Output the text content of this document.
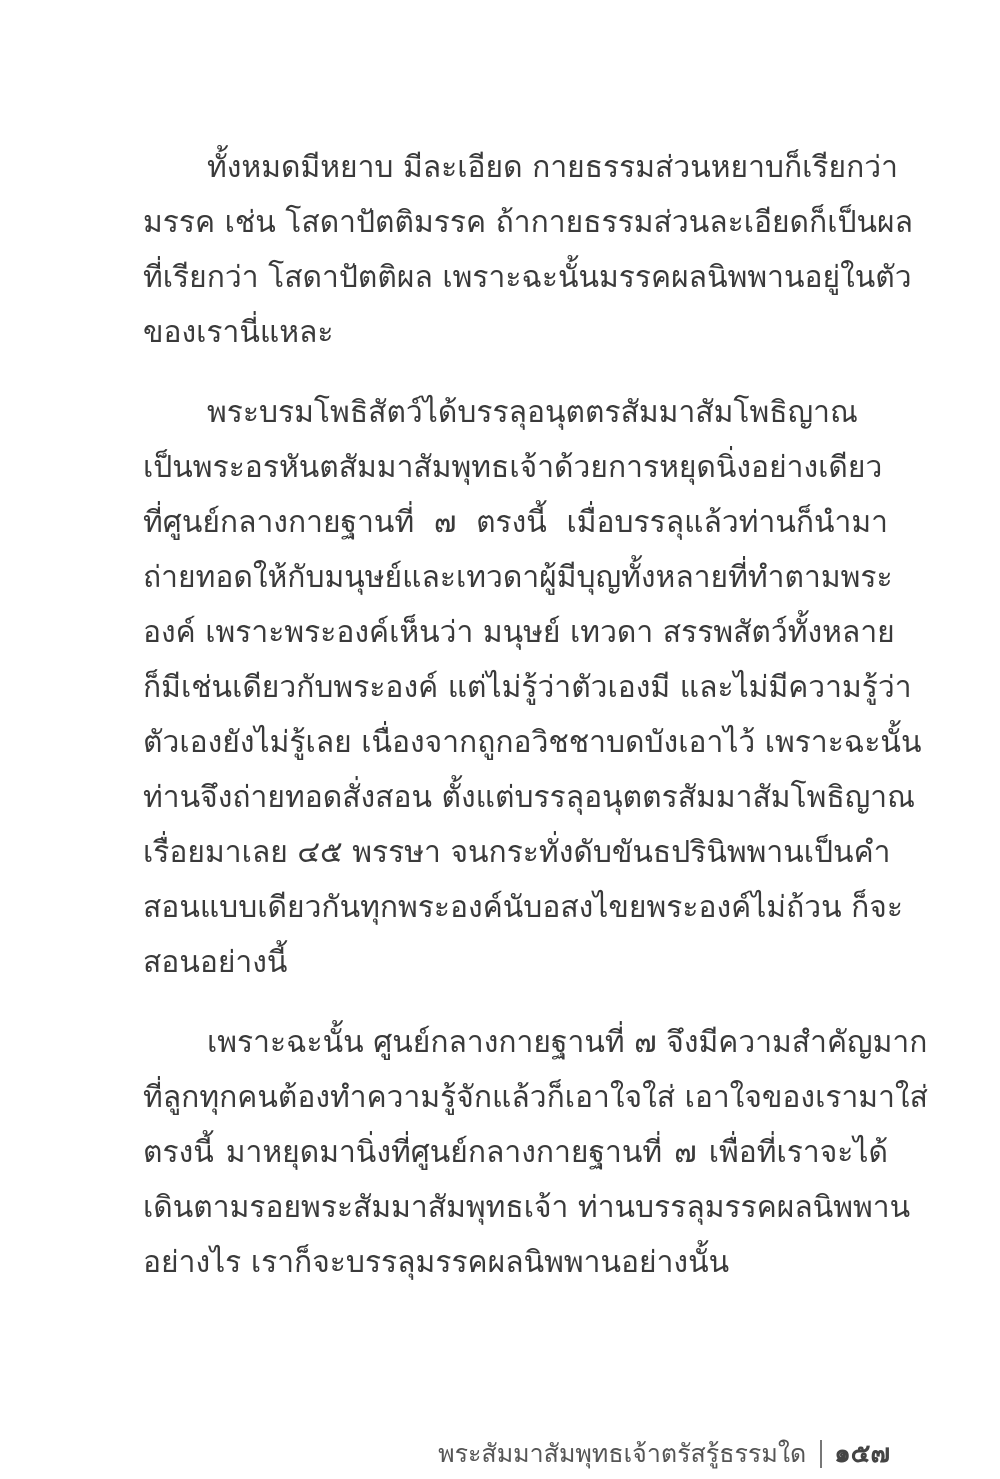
ทั้งหมดมีหยาบ มีละเอียด กายธรรมส่วนหยาบก็เรียกว่า
มรรค เช่น โสดาปัตติมรรค ถ้ากายธรรมส่วนละเอียดก็เป็นผล
ที่เรียกว่า โสดาปัตติผล เพราะฉะนั้นมรรคผลนิพพานอยู่ในตัว
ของเรานี่แหละ
พระบรมโพธิสัตว์ได้บรรลุอนุตตรสัมมาสัมโพธิญาณ
เป็นพระอรหันตสัมมาสัมพุทธเจ้าด้วยการหยุดนิ่งอย่างเดียว
ที่ศูนย์กลางกายฐานที่ ๗ ตรงนี้ เมื่อบรรลุแล้วท่านก็นำมา
ถ่ายทอดให้กับมนุษย์และเทวดาผู้มีบุญทั้งหลายที่ทำตามพระ
องค์ เพราะพระองค์เห็นว่า มนุษย์ เทวดา สรรพสัตว์ทั้งหลาย
ก็มีเช่นเดียวกับพระองค์ แต่ไม่รู้ว่าตัวเองมี และไม่มีความรู้ว่า
ตัวเองยังไม่รู้เลย เนื่องจากถูกอวิชชาบดบังเอาไว้ เพราะฉะนั้น
ท่านจึงถ่ายทอดสั่งสอน ตั้งแต่บรรลุอนุตตรสัมมาสัมโพธิญาณ
เรื่อยมาเลย ๔๕ พรรษา จนกระทั่งดับขันธปรินิพพานเป็นคำ
สอนแบบเดียวกันทุกพระองค์นับอสงไขยพระองค์ไม่ถ้วน ก็จะ
สอนอย่างนี้
เพราะฉะนั้น ศูนย์กลางกายฐานที่ ๗ จึงมีความสำคัญมาก
ที่ลูกทุกคนต้องทำความรู้จักแล้วก็เอาใจใส่ เอาใจของเรามาใส่
ตรงนี้ มาหยุดมานิ่งที่ศูนย์กลางกายฐานที่ ๗ เพื่อที่เราจะได้
เดินตามรอยพระสัมมาสัมพุทธเจ้า ท่านบรรลุมรรคผลนิพพาน
อย่างไร เราก็จะบรรลุมรรคผลนิพพานอย่างนั้น
พระสัมมาสัมพุทธเจ้าตรัสรู้ธรรมใด ๑๕๗
